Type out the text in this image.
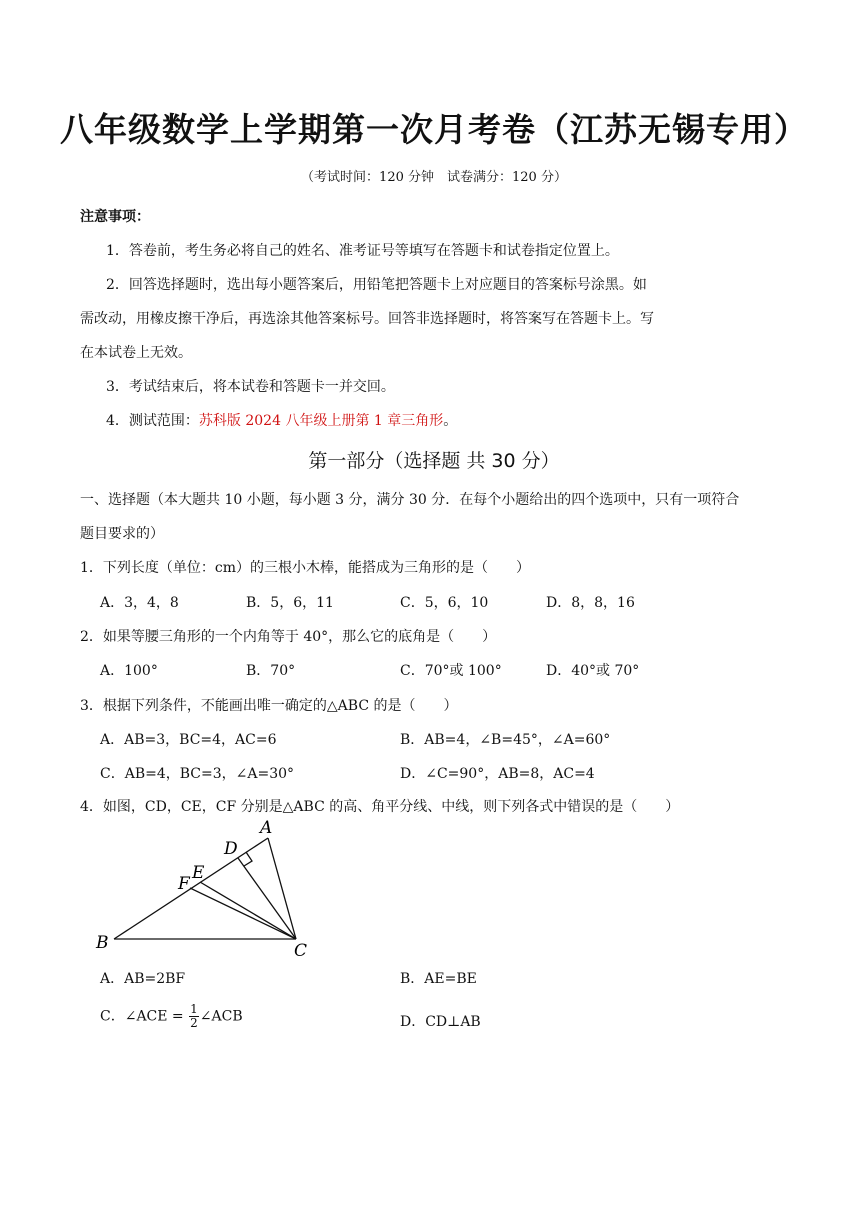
八年级数学上学期第一次月考卷（江苏无锡专用）
（考试时间：120 分钟　试卷满分：120 分）
注意事项：
1．答卷前，考生务必将自己的姓名、准考证号等填写在答题卡和试卷指定位置上。
2．回答选择题时，选出每小题答案后，用铅笔把答题卡上对应题目的答案标号涂黑。如
需改动，用橡皮擦干净后，再选涂其他答案标号。回答非选择题时，将答案写在答题卡上。写
在本试卷上无效。
3．考试结束后，将本试卷和答题卡一并交回。
4．测试范围：苏科版 2024 八年级上册第 1 章三角形。
第一部分（选择题 共 30 分）
一、选择题（本大题共 10 小题，每小题 3 分，满分 30 分．在每个小题给出的四个选项中，只有一项符合
题目要求的）
1．下列长度（单位：cm）的三根小木棒，能搭成为三角形的是（　　）
A．3，4，8	B．5，6，11	C．5，6，10	D．8，8，16
2．如果等腰三角形的一个内角等于 40°，那么它的底角是（　　）
A．100°	B．70°	C．70°或 100°	D．40°或 70°
3．根据下列条件，不能画出唯一确定的△ABC 的是（　　）
A．AB=3，BC=4，AC=6	B．AB=4，∠B=45°，∠A=60°
C．AB=4，BC=3，∠A=30°	D．∠C=90°，AB=8，AC=4
4．如图，CD，CE，CF 分别是△ABC 的高、角平分线、中线，则下列各式中错误的是（　　）
A
B	C
D
E
F
A．AB=2BF	B．AE=BE
C．∠ACE = $\frac{1}{2}$ ∠ACB	D．CD⊥AB
